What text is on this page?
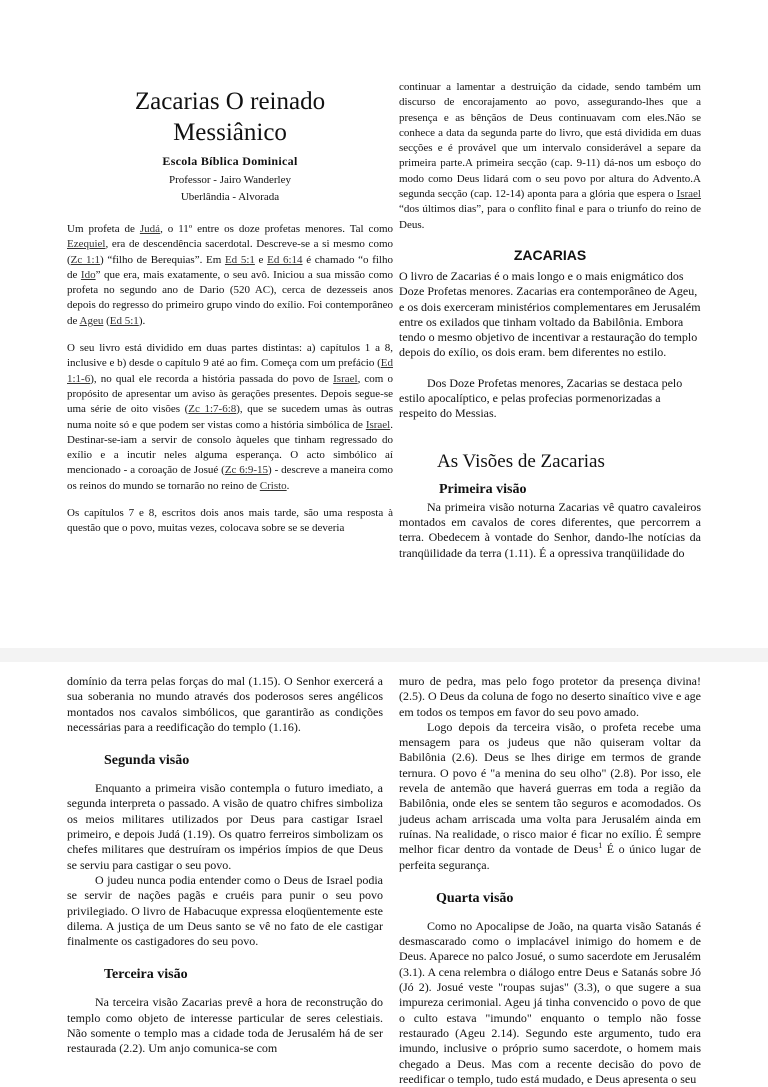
Zacarias O reinado
Messiânico
Escola Bíblica Dominical
Professor - Jairo Wanderley
Uberlândia - Alvorada

Um profeta de Judá, o 11º entre os doze profetas menores. Tal como Ezequiel, era de descendência sacerdotal. Descreve-se a si mesmo como (Zc 1:1) “filho de Berequias”. Em Ed 5:1 e Ed 6:14 é chamado “o filho de Ido” que era, mais exatamente, o seu avô. Iniciou a sua missão como profeta no segundo ano de Dario (520 AC), cerca de dezesseis anos depois do regresso do primeiro grupo vindo do exílio. Foi contemporâneo de Ageu (Ed 5:1).

O seu livro está dividido em duas partes distintas: a) capítulos 1 a 8, inclusive e b) desde o capítulo 9 até ao fim. Começa com um prefácio (Ed 1:1-6), no qual ele recorda a história passada do povo de Israel, com o propósito de apresentar um aviso às gerações presentes. Depois segue-se uma série de oito visões (Zc 1:7-6:8), que se sucedem umas às outras numa noite só e que podem ser vistas como a história simbólica de Israel. Destinar-se-iam a servir de consolo àqueles que tinham regressado do exílio e a incutir neles alguma esperança. O acto simbólico aí mencionado - a coroação de Josué (Zc 6:9-15) - descreve a maneira como os reinos do mundo se tornarão no reino de Cristo.

Os capítulos 7 e 8, escritos dois anos mais tarde, são uma resposta à questão que o povo, muitas vezes, colocava sobre se se deveria

continuar a lamentar a destruição da cidade, sendo também um discurso de encorajamento ao povo, assegurando-lhes que a presença e as bênçãos de Deus continuavam com eles.Não se conhece a data da segunda parte do livro, que está dividida em duas secções e é provável que um intervalo considerável a separe da primeira parte.A primeira secção (cap. 9-11) dá-nos um esboço do modo como Deus lidará com o seu povo por altura do Advento.A segunda secção (cap. 12-14) aponta para a glória que espera o Israel “dos últimos dias”, para o conflito final e para o triunfo do reino de Deus.

ZACARIAS

O livro de Zacarias é o mais longo e o mais enigmático dos Doze Profetas menores. Zacarias era contemporâneo de Ageu, e os dois exerceram ministérios complementares em Jerusalém entre os exilados que tinham voltado da Babilônia. Embora tendo o mesmo objetivo de incentivar a restauração do templo depois do exílio, os dois eram. bem diferentes no estilo.

Dos Doze Profetas menores, Zacarias se destaca pelo estilo apocalíptico, e pelas profecias pormenorizadas a respeito do Messias.

As Visões de Zacarias
Primeira visão

Na primeira visão noturna Zacarias vê quatro cavaleiros montados em cavalos de cores diferentes, que percorrem a terra. Obedecem à vontade do Senhor, dando-lhe notícias da tranqüilidade da terra (1.11). É a opressiva tranqüilidade do

domínio da terra pelas forças do mal (1.15). O Senhor exercerá a sua soberania no mundo através dos poderosos seres angélicos montados nos cavalos simbólicos, que garantirão as condições necessárias para a reedificação do templo (1.16).

Segunda visão

Enquanto a primeira visão contempla o futuro imediato, a segunda interpreta o passado. A visão de quatro chifres simboliza os meios militares utilizados por Deus para castigar Israel primeiro, e depois Judá (1.19). Os quatro ferreiros simbolizam os chefes militares que destruíram os impérios ímpios de que Deus se serviu para castigar o seu povo.

O judeu nunca podia entender como o Deus de Israel podia se servir de nações pagãs e cruéis para punir o seu povo privilegiado. O livro de Habacuque expressa eloqüentemente este dilema. A justiça de um Deus santo se vê no fato de ele castigar finalmente os castigadores do seu povo.

Terceira visão

Na terceira visão Zacarias prevê a hora de reconstrução do templo como objeto de interesse particular de seres celestiais. Não somente o templo mas a cidade toda de Jerusalém há de ser restaurada (2.2). Um anjo comunica-se com

muro de pedra, mas pelo fogo protetor da presença divina! (2.5). O Deus da coluna de fogo no deserto sinaítico vive e age em todos os tempos em favor do seu povo amado.

Logo depois da terceira visão, o profeta recebe uma mensagem para os judeus que não quiseram voltar da Babilônia (2.6). Deus se lhes dirige em termos de grande ternura. O povo é "a menina do seu olho" (2.8). Por isso, ele revela de antemão que haverá guerras em toda a região da Babilônia, onde eles se sentem tão seguros e acomodados. Os judeus acham arriscada uma volta para Jerusalém ainda em ruínas. Na realidade, o risco maior é ficar no exílio. É sempre melhor ficar dentro da vontade de Deus$^1$ É o único lugar de perfeita segurança.

Quarta visão

Como no Apocalipse de João, na quarta visão Satanás é desmascarado como o implacável inimigo do homem e de Deus. Aparece no palco Josué, o sumo sacerdote em Jerusalém (3.1). A cena relembra o diálogo entre Deus e Satanás sobre Jó (Jó 2). Josué veste "roupas sujas" (3.3), o que sugere a sua impureza cerimonial. Ageu já tinha convencido o povo de que o culto estava "imundo" enquanto o templo não fosse restaurado (Ageu 2.14). Segundo este argumento, tudo era imundo, inclusive o próprio sumo sacerdote, o homem mais chegado a Deus. Mas com a recente decisão do povo de reedificar o templo, tudo está mudado, e Deus apresenta o seu
